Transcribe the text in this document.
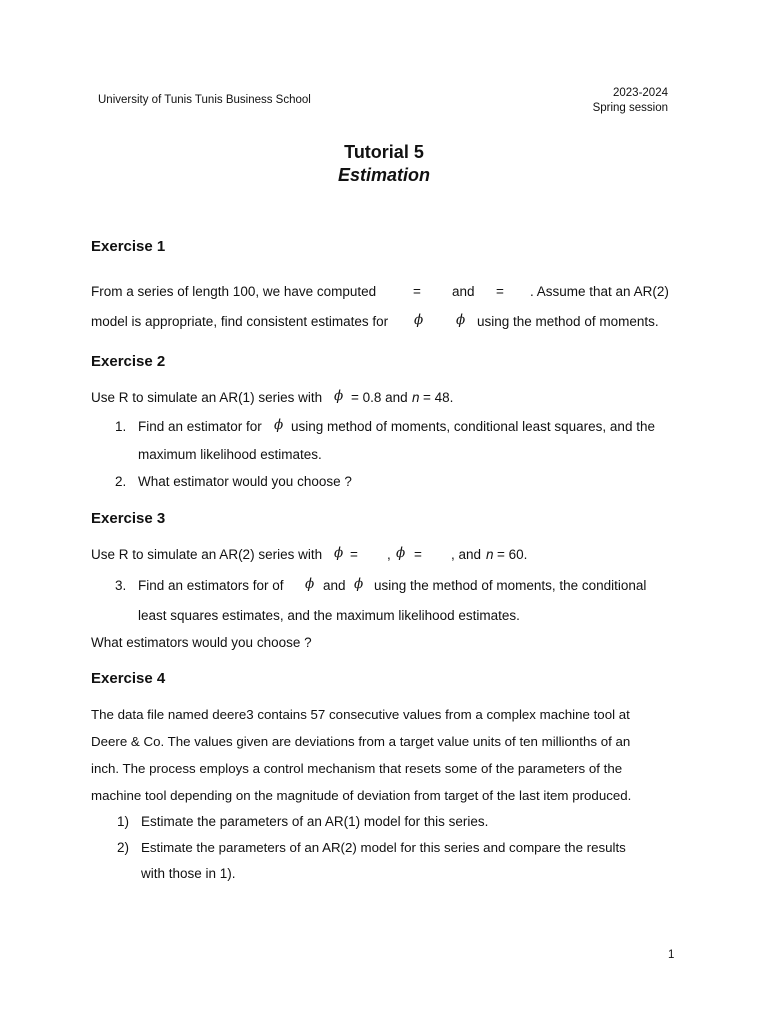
University of Tunis Tunis Business School
2023-2024
Spring session
Tutorial 5
Estimation
Exercise 1
From a series of length 100, we have computed	= and = . Assume that an AR(2)
model is appropriate, find consistent estimates for ϕ ϕ using the method of moments.
Exercise 2
Use R to simulate an AR(1) series with ϕ = 0.8 and n = 48.
1. Find an estimator for ϕ using method of moments, conditional least squares, and the
maximum likelihood estimates.
2. What estimator would you choose ?
Exercise 3
Use R to simulate an AR(2) series with ϕ = , ϕ = , and n = 60.
3. Find an estimators for of ϕ and ϕ using the method of moments, the conditional
least squares estimates, and the maximum likelihood estimates.
What estimators would you choose ?
Exercise 4
The data file named deere3 contains 57 consecutive values from a complex machine tool at
Deere & Co. The values given are deviations from a target value units of ten millionths of an
inch. The process employs a control mechanism that resets some of the parameters of the
machine tool depending on the magnitude of deviation from target of the last item produced.
1) Estimate the parameters of an AR(1) model for this series.
2) Estimate the parameters of an AR(2) model for this series and compare the results
with those in 1).
1
